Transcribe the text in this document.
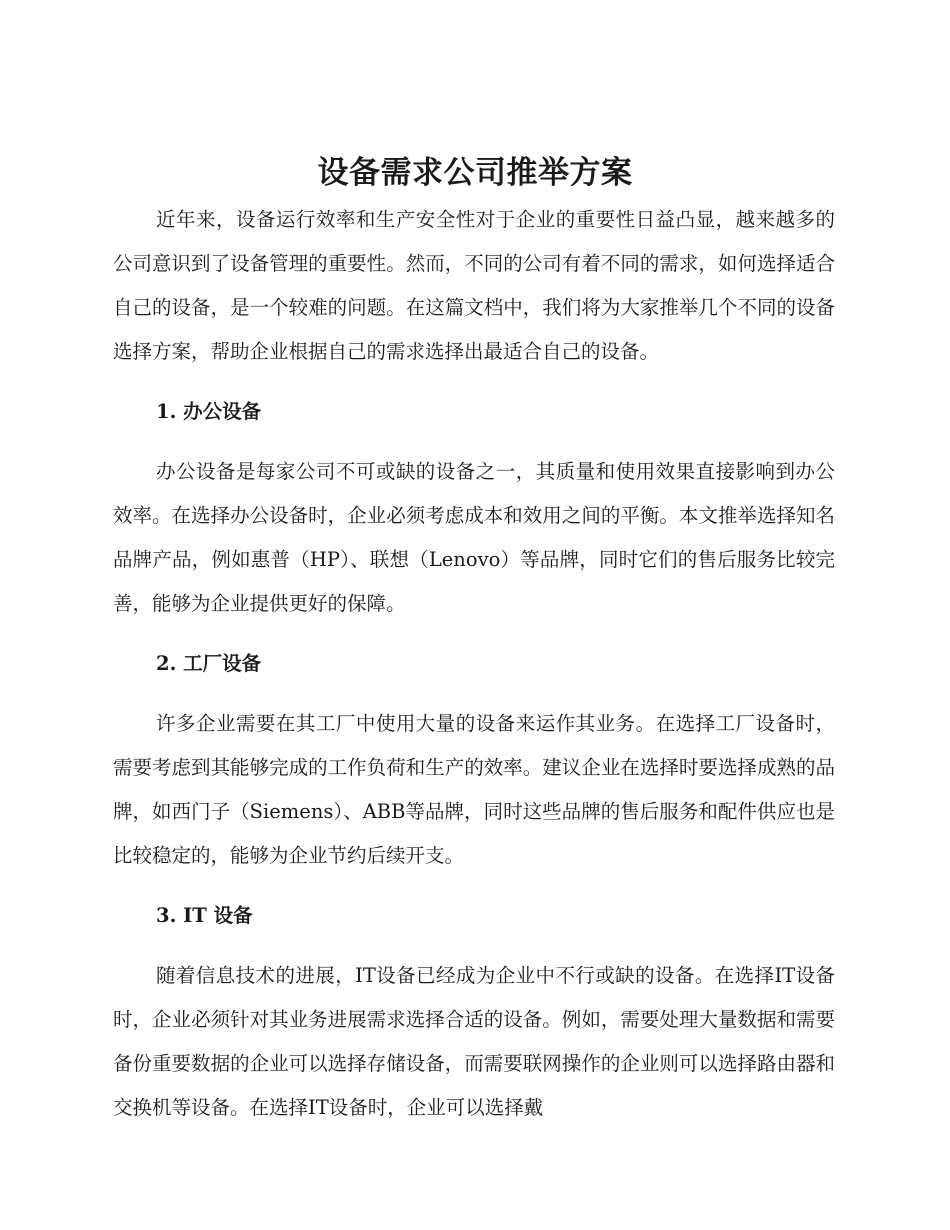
设备需求公司推举方案

近年来，设备运行效率和生产安全性对于企业的重要性日益凸显，越来越多的公司意识到了设备管理的重要性。然而，不同的公司有着不同的需求，如何选择适合自己的设备，是一个较难的问题。在这篇文档中，我们将为大家推举几个不同的设备选择方案，帮助企业根据自己的需求选择出最适合自己的设备。

1. 办公设备

办公设备是每家公司不可或缺的设备之一，其质量和使用效果直接影响到办公效率。在选择办公设备时，企业必须考虑成本和效用之间的平衡。本文推举选择知名品牌产品，例如惠普（HP）、联想（Lenovo）等品牌，同时它们的售后服务比较完善，能够为企业提供更好的保障。

2. 工厂设备

许多企业需要在其工厂中使用大量的设备来运作其业务。在选择工厂设备时，需要考虑到其能够完成的工作负荷和生产的效率。建议企业在选择时要选择成熟的品牌，如西门子（Siemens）、ABB等品牌，同时这些品牌的售后服务和配件供应也是比较稳定的，能够为企业节约后续开支。

3. IT 设备

随着信息技术的进展，IT设备已经成为企业中不行或缺的设备。在选择IT设备时，企业必须针对其业务进展需求选择合适的设备。例如，需要处理大量数据和需要备份重要数据的企业可以选择存储设备，而需要联网操作的企业则可以选择路由器和交换机等设备。在选择IT设备时，企业可以选择戴
